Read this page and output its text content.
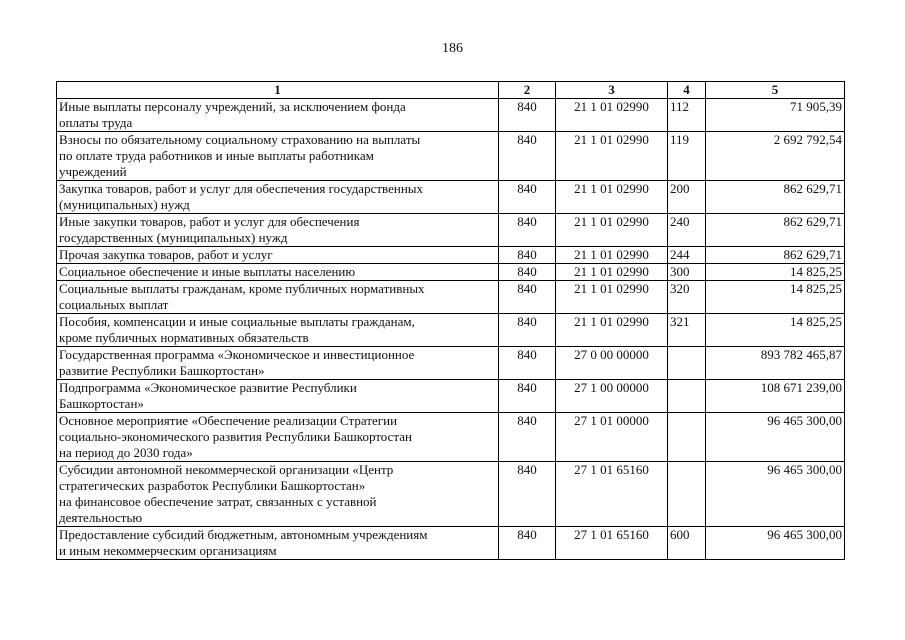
186
1	2	3	4	5

Иные выплаты персоналу учреждений, за исключением фонда
оплаты труда	840	21 1 01 02990	112	71 905,39

Взносы по обязательному социальному страхованию на выплаты
по оплате труда работников и иные выплаты работникам
учреждений	840	21 1 01 02990	119	2 692 792,54

Закупка товаров, работ и услуг для обеспечения государственных
(муниципальных) нужд	840	21 1 01 02990	200	862 629,71

Иные закупки товаров, работ и услуг для обеспечения
государственных (муниципальных) нужд	840	21 1 01 02990	240	862 629,71

Прочая закупка товаров, работ и услуг	840	21 1 01 02990	244	862 629,71

Социальное обеспечение и иные выплаты населению	840	21 1 01 02990	300	14 825,25

Социальные выплаты гражданам, кроме публичных нормативных
социальных выплат	840	21 1 01 02990	320	14 825,25

Пособия, компенсации и иные социальные выплаты гражданам,
кроме публичных нормативных обязательств	840	21 1 01 02990	321	14 825,25

Государственная программа «Экономическое и инвестиционное
развитие Республики Башкортостан»	840	27 0 00 00000		893 782 465,87

Подпрограмма «Экономическое развитие Республики
Башкортостан»	840	27 1 00 00000		108 671 239,00

Основное мероприятие «Обеспечение реализации Стратегии
социально-экономического развития Республики Башкортостан
на период до 2030 года»	840	27 1 01 00000		96 465 300,00

Субсидии автономной некоммерческой организации «Центр
стратегических разработок Республики Башкортостан»
на финансовое обеспечение затрат, связанных с уставной
деятельностью	840	27 1 01 65160		96 465 300,00

Предоставление субсидий бюджетным, автономным учреждениям
и иным некоммерческим организациям	840	27 1 01 65160	600	96 465 300,00
